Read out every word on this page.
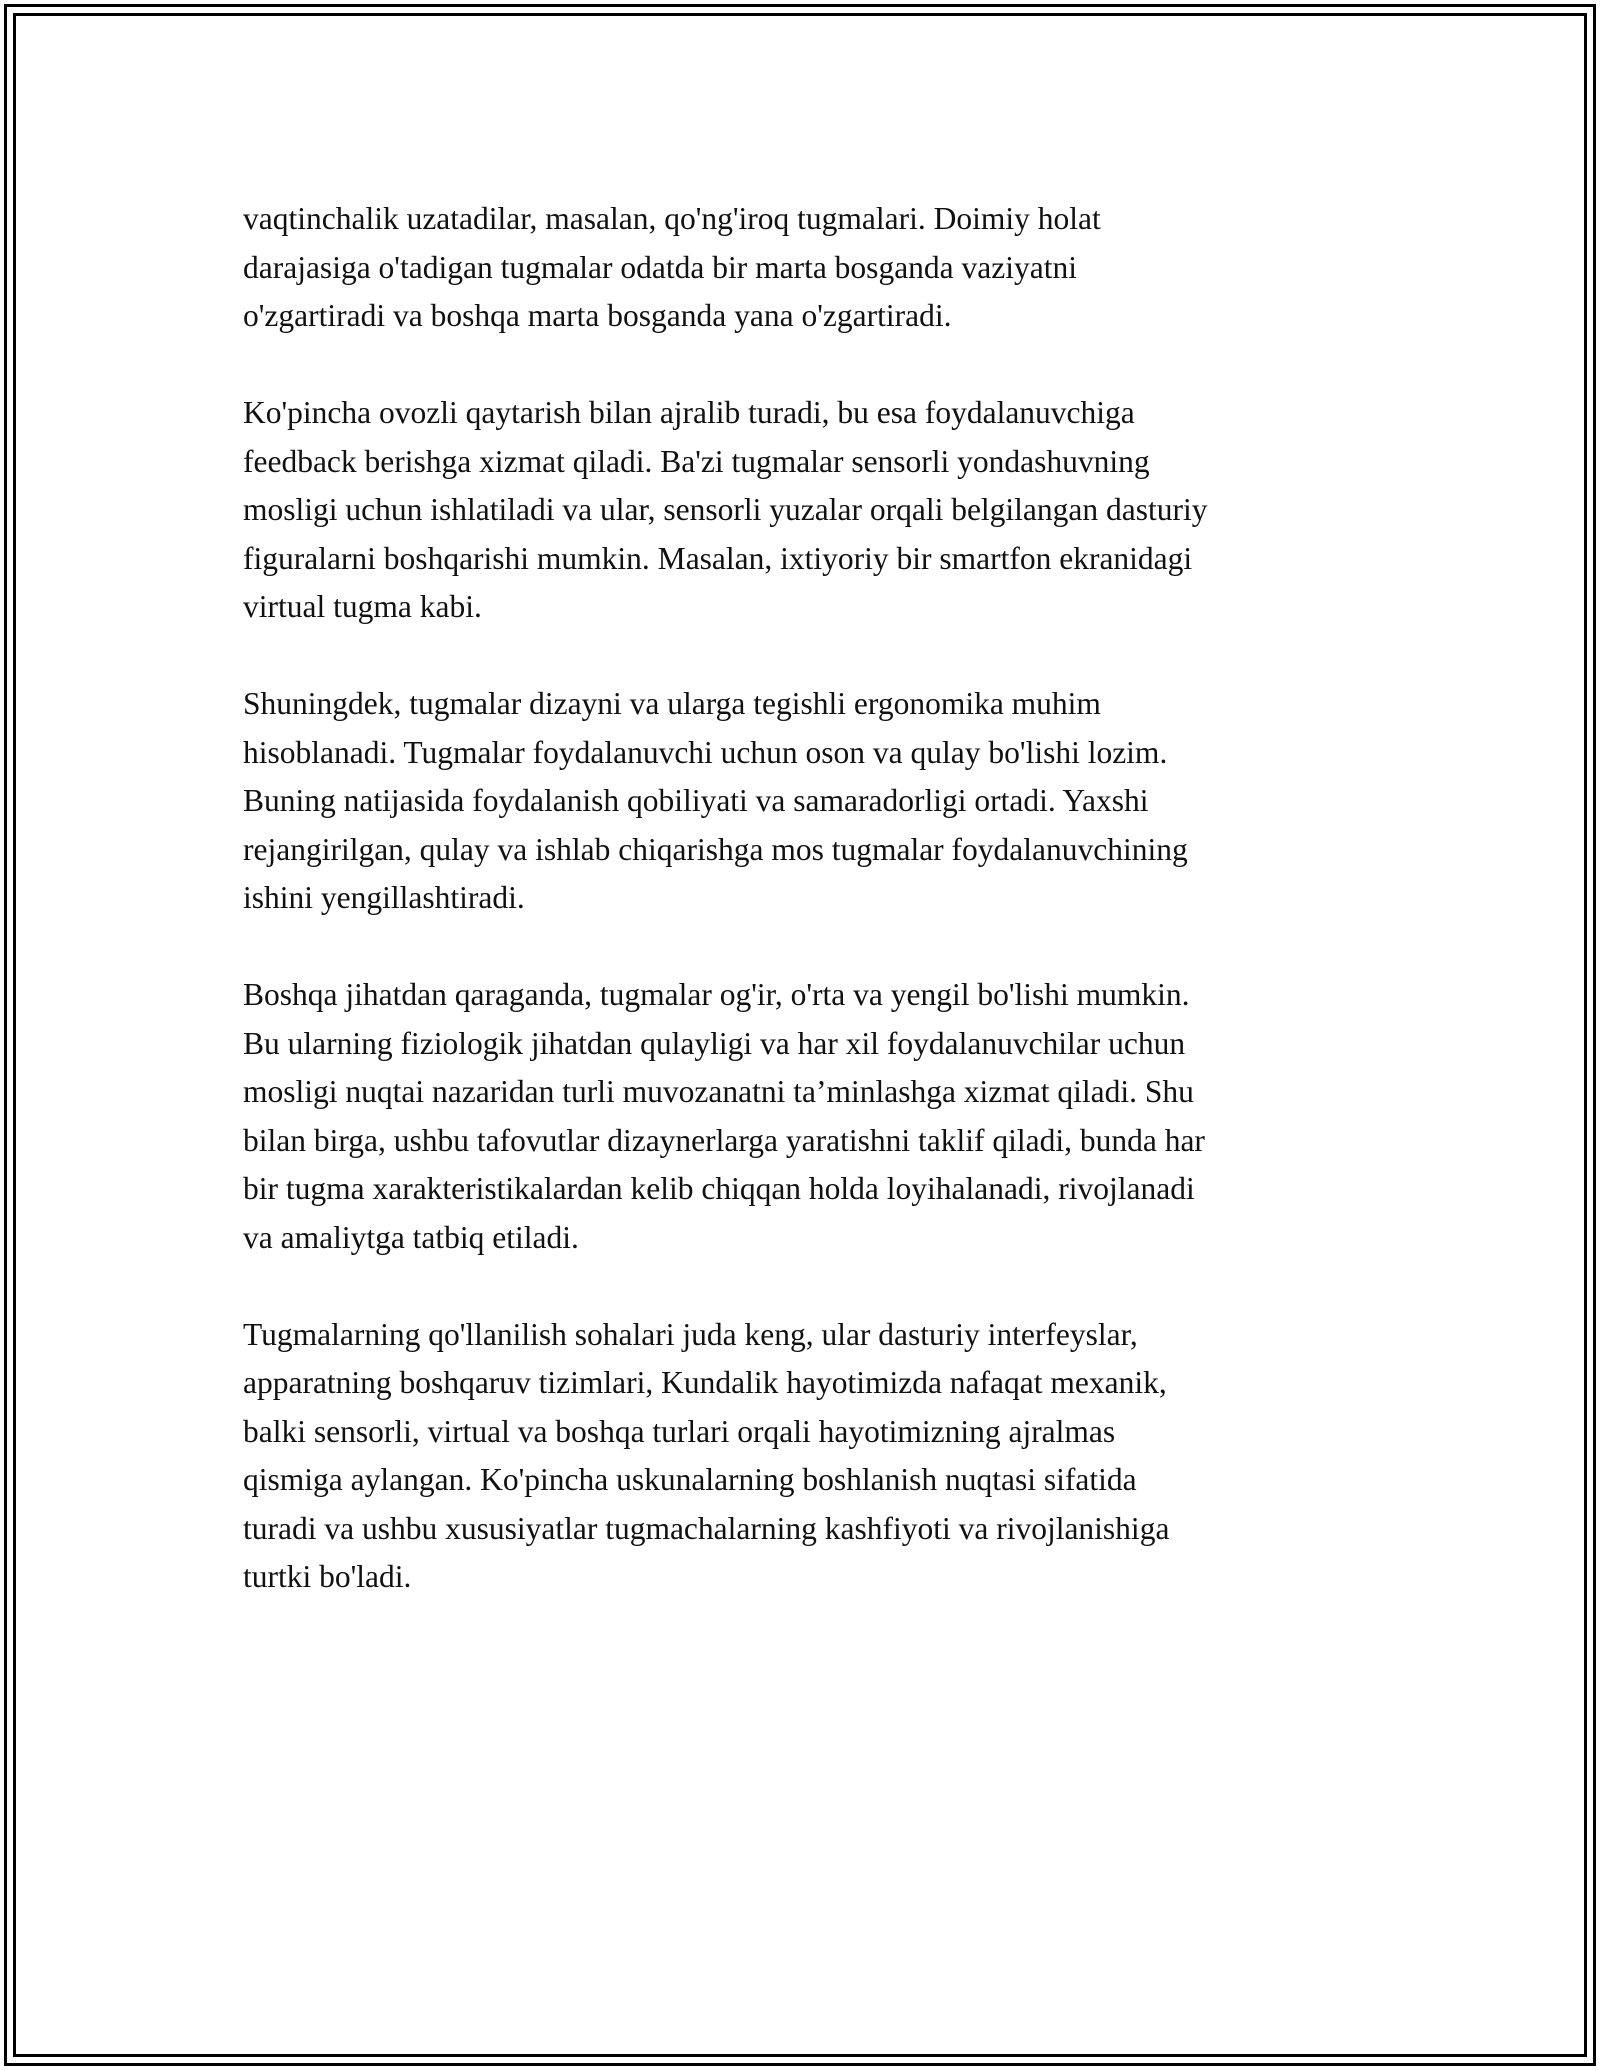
vaqtinchalik uzatadilar, masalan, qo'ng'iroq tugmalari. Doimiy holat
darajasiga o'tadigan tugmalar odatda bir marta bosganda vaziyatni
o'zgartiradi va boshqa marta bosganda yana o'zgartiradi.

Ko'pincha ovozli qaytarish bilan ajralib turadi, bu esa foydalanuvchiga
feedback berishga xizmat qiladi. Ba'zi tugmalar sensorli yondashuvning
mosligi uchun ishlatiladi va ular, sensorli yuzalar orqali belgilangan dasturiy
figuralarni boshqarishi mumkin. Masalan, ixtiyoriy bir smartfon ekranidagi
virtual tugma kabi.

Shuningdek, tugmalar dizayni va ularga tegishli ergonomika muhim
hisoblanadi. Tugmalar foydalanuvchi uchun oson va qulay bo'lishi lozim.
Buning natijasida foydalanish qobiliyati va samaradorligi ortadi. Yaxshi
rejangirilgan, qulay va ishlab chiqarishga mos tugmalar foydalanuvchining
ishini yengillashtiradi.

Boshqa jihatdan qaraganda, tugmalar og'ir, o'rta va yengil bo'lishi mumkin.
Bu ularning fiziologik jihatdan qulayligi va har xil foydalanuvchilar uchun
mosligi nuqtai nazaridan turli muvozanatni ta’minlashga xizmat qiladi. Shu
bilan birga, ushbu tafovutlar dizaynerlarga yaratishni taklif qiladi, bunda har
bir tugma xarakteristikalardan kelib chiqqan holda loyihalanadi, rivojlanadi
va amaliytga tatbiq etiladi.

Tugmalarning qo'llanilish sohalari juda keng, ular dasturiy interfeyslar,
apparatning boshqaruv tizimlari, Kundalik hayotimizda nafaqat mexanik,
balki sensorli, virtual va boshqa turlari orqali hayotimizning ajralmas
qismiga aylangan. Ko'pincha uskunalarning boshlanish nuqtasi sifatida
turadi va ushbu xususiyatlar tugmachalarning kashfiyoti va rivojlanishiga
turtki bo'ladi.
